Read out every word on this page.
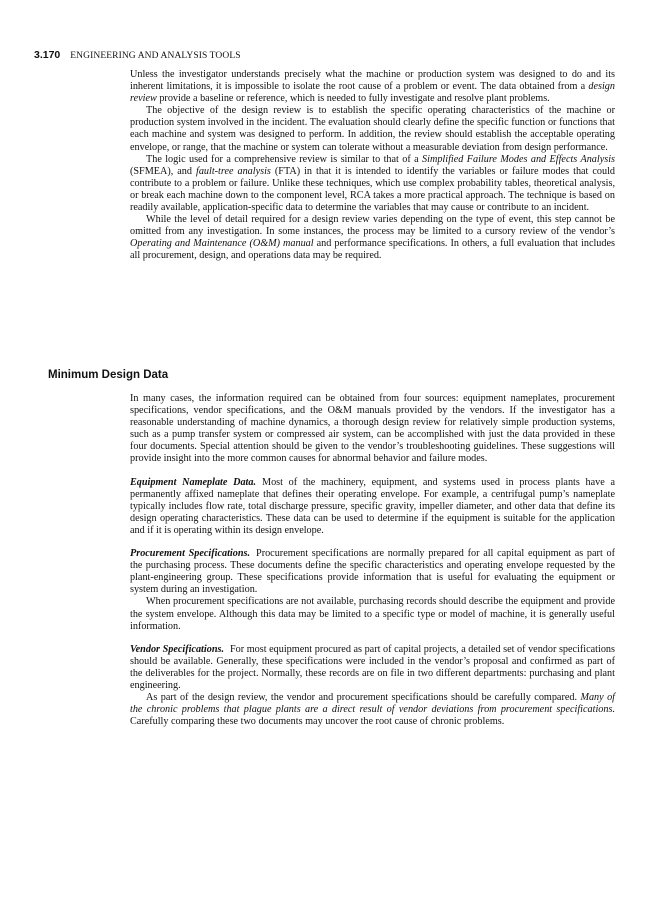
3.170 ENGINEERING AND ANALYSIS TOOLS

Unless the investigator understands precisely what the machine or production system was designed to do and its inherent limitations, it is impossible to isolate the root cause of a problem or event. The data obtained from a design review provide a baseline or reference, which is needed to fully investigate and resolve plant problems.

The objective of the design review is to establish the specific operating characteristics of the machine or production system involved in the incident. The evaluation should clearly define the specific function or functions that each machine and system was designed to perform. In addition, the review should establish the acceptable operating envelope, or range, that the machine or system can tolerate without a measurable deviation from design performance.

The logic used for a comprehensive review is similar to that of a Simplified Failure Modes and Effects Analysis (SFMEA), and fault-tree analysis (FTA) in that it is intended to identify the variables or failure modes that could contribute to a problem or failure. Unlike these techniques, which use complex probability tables, theoretical analysis, or break each machine down to the component level, RCA takes a more practical approach. The technique is based on readily available, application-specific data to determine the variables that may cause or contribute to an incident.

While the level of detail required for a design review varies depending on the type of event, this step cannot be omitted from any investigation. In some instances, the process may be limited to a cursory review of the vendor’s Operating and Maintenance (O&M) manual and performance specifications. In others, a full evaluation that includes all procurement, design, and operations data may be required.

Minimum Design Data

In many cases, the information required can be obtained from four sources: equipment nameplates, procurement specifications, vendor specifications, and the O&M manuals provided by the vendors. If the investigator has a reasonable understanding of machine dynamics, a thorough design review for relatively simple production systems, such as a pump transfer system or compressed air system, can be accomplished with just the data provided in these four documents. Special attention should be given to the vendor’s troubleshooting guidelines. These suggestions will provide insight into the more common causes for abnormal behavior and failure modes.

Equipment Nameplate Data. Most of the machinery, equipment, and systems used in process plants have a permanently affixed nameplate that defines their operating envelope. For example, a centrifugal pump’s nameplate typically includes flow rate, total discharge pressure, specific gravity, impeller diameter, and other data that define its design operating characteristics. These data can be used to determine if the equipment is suitable for the application and if it is operating within its design envelope.

Procurement Specifications. Procurement specifications are normally prepared for all capital equipment as part of the purchasing process. These documents define the specific characteristics and operating envelope requested by the plant-engineering group. These specifications provide information that is useful for evaluating the equipment or system during an investigation.

When procurement specifications are not available, purchasing records should describe the equipment and provide the system envelope. Although this data may be limited to a specific type or model of machine, it is generally useful information.

Vendor Specifications. For most equipment procured as part of capital projects, a detailed set of vendor specifications should be available. Generally, these specifications were included in the vendor’s proposal and confirmed as part of the deliverables for the project. Normally, these records are on file in two different departments: purchasing and plant engineering.

As part of the design review, the vendor and procurement specifications should be carefully compared. Many of the chronic problems that plague plants are a direct result of vendor deviations from procurement specifications. Carefully comparing these two documents may uncover the root cause of chronic problems.
